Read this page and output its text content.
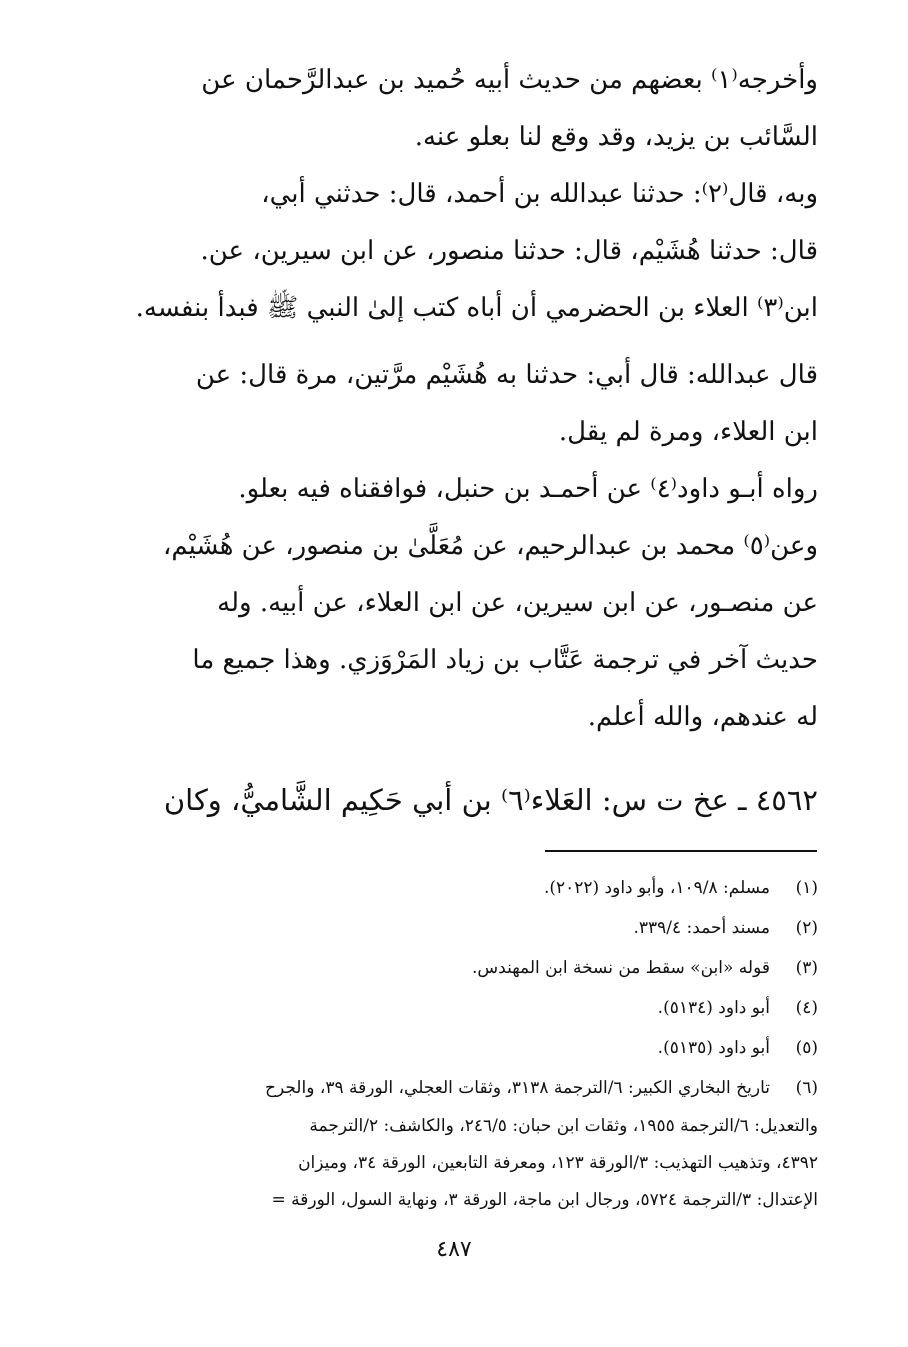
وأخرجه⁽١⁾ بعضهم من حديث أبيه حُميد بن عبدالرَّحمان عن
السَّائب بن يزيد، وقد وقع لنا بعلو عنه.
وبه، قال⁽٢⁾: حدثنا عبدالله بن أحمد، قال: حدثني أبي،
قال: حدثنا هُشَيْم، قال: حدثنا منصور، عن ابن سيرين، عن.
ابن⁽٣⁾ العلاء بن الحضرمي أن أباه كتب إلىٰ النبي ﷺ فبدأ بنفسه.
قال عبدالله: قال أبي: حدثنا به هُشَيْم مرَّتين، مرة قال: عن
ابن العلاء، ومرة لم يقل.
رواه أبـو داود⁽٤⁾ عن أحمـد بن حنبل، فوافقناه فيه بعلو.
وعن⁽٥⁾ محمد بن عبدالرحيم، عن مُعَلَّىٰ بن منصور، عن هُشَيْم،
عن منصـور، عن ابن سيرين، عن ابن العلاء، عن أبيه. وله
حديث آخر في ترجمة عَتَّاب بن زياد المَرْوَزي. وهذا جميع ما
له عندهم، والله أعلم.
٤٥٦٢ ـ عخ ت س: العَلاء⁽٦⁾ بن أبي حَكِيم الشَّاميُّ، وكان
(١)
مسلم: ١٠٩/٨، وأبو داود (٢٠٢٢).
(٢)
مسند أحمد: ٣٣٩/٤.
(٣)
قوله «ابن» سقط من نسخة ابن المهندس.
(٤)
أبو داود (٥١٣٤).
(٥)
أبو داود (٥١٣٥).
(٦)
تاريخ البخاري الكبير: ٦/الترجمة ٣١٣٨، وثقات العجلي، الورقة ٣٩، والجرح
والتعديل: ٦/الترجمة ١٩٥٥، وثقات ابن حبان: ٢٤٦/٥، والكاشف: ٢/الترجمة
٤٣٩٢، وتذهيب التهذيب: ٣/الورقة ١٢٣، ومعرفة التابعين، الورقة ٣٤، وميزان
الإعتدال: ٣/الترجمة ٥٧٢٤، ورجال ابن ماجة، الورقة ٣، ونهاية السول، الورقة =
٤٨٧
